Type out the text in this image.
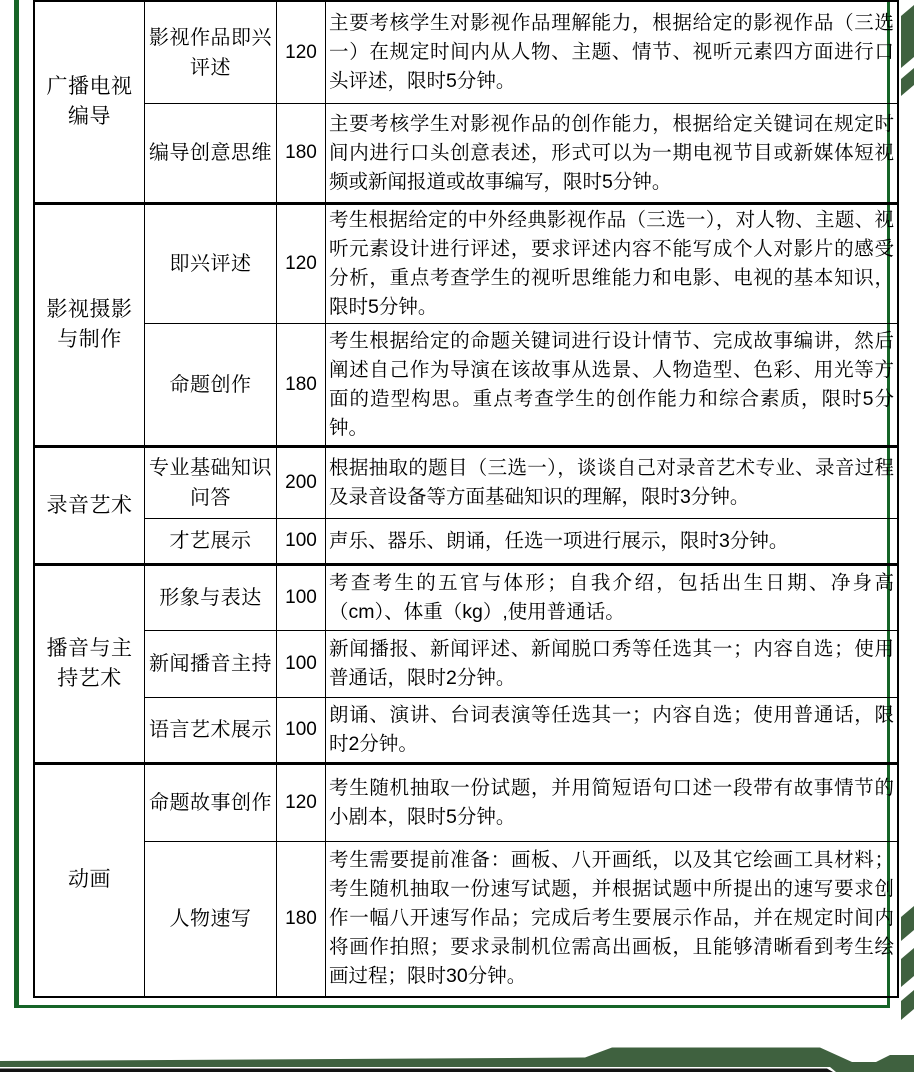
广播电视编导	影视作品即兴评述	120	主要考核学生对影视作品理解能力，根据给定的影视作品（三选一）在规定时间内从人物、主题、情节、视听元素四方面进行口头评述，限时5分钟。
	编导创意思维	180	主要考核学生对影视作品的创作能力，根据给定关键词在规定时间内进行口头创意表述，形式可以为一期电视节目或新媒体短视频或新闻报道或故事编写，限时5分钟。
影视摄影与制作	即兴评述	120	考生根据给定的中外经典影视作品（三选一），对人物、主题、视听元素设计进行评述，要求评述内容不能写成个人对影片的感受分析，重点考查学生的视听思维能力和电影、电视的基本知识，限时5分钟。
	命题创作	180	考生根据给定的命题关键词进行设计情节、完成故事编讲，然后阐述自己作为导演在该故事从选景、人物造型、色彩、用光等方面的造型构思。重点考查学生的创作能力和综合素质，限时5分钟。
录音艺术	专业基础知识问答	200	根据抽取的题目（三选一），谈谈自己对录音艺术专业、录音过程及录音设备等方面基础知识的理解，限时3分钟。
	才艺展示	100	声乐、器乐、朗诵，任选一项进行展示，限时3分钟。
播音与主持艺术	形象与表达	100	考查考生的五官与体形；自我介绍，包括出生日期、净身高（cm）、体重（kg）,使用普通话。
	新闻播音主持	100	新闻播报、新闻评述、新闻脱口秀等任选其一；内容自选；使用普通话，限时2分钟。
	语言艺术展示	100	朗诵、演讲、台词表演等任选其一；内容自选；使用普通话，限时2分钟。
动画	命题故事创作	120	考生随机抽取一份试题，并用简短语句口述一段带有故事情节的小剧本，限时5分钟。
	人物速写	180	考生需要提前准备：画板、八开画纸，以及其它绘画工具材料；考生随机抽取一份速写试题，并根据试题中所提出的速写要求创作一幅八开速写作品；完成后考生要展示作品，并在规定时间内将画作拍照；要求录制机位需高出画板，且能够清晰看到考生绘画过程；限时30分钟。
